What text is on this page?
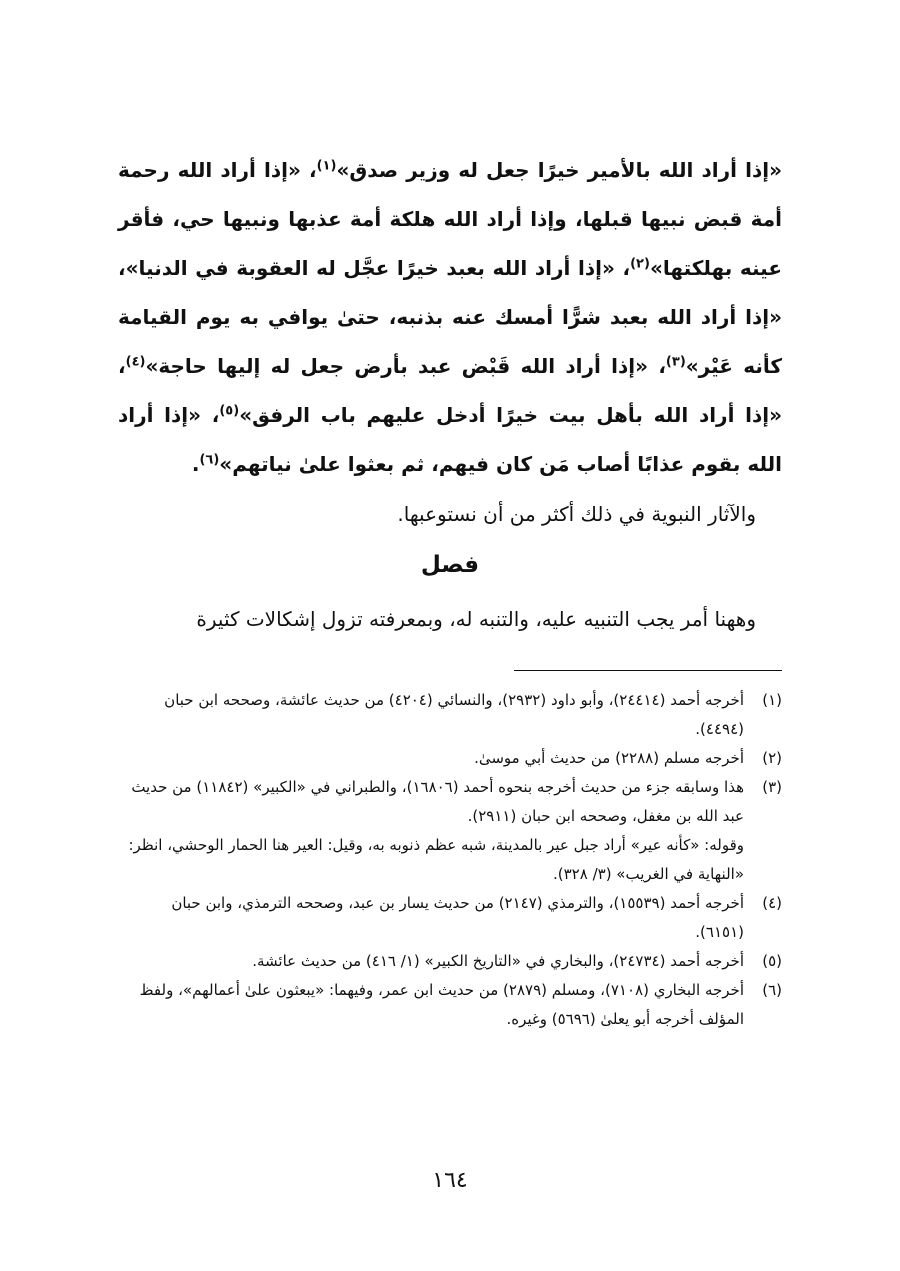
«إذا أراد الله بالأمير خيرًا جعل له وزير صدق»$^{(١)}$، «إذا أراد الله رحمة أمة قبض نبيها قبلها، وإذا أراد الله هلكة أمة عذبها ونبيها حي، فأقر عينه بهلكتها»$^{(٢)}$، «إذا أراد الله بعبد خيرًا عجَّل له العقوبة في الدنيا»، «إذا أراد الله بعبد شرًّا أمسك عنه بذنبه، حتىٰ يوافي به يوم القيامة كأنه عَيْر»$^{(٣)}$، «إذا أراد الله قَبْض عبد بأرض جعل له إليها حاجة»$^{(٤)}$، «إذا أراد الله بأهل بيت خيرًا أدخل عليهم باب الرفق»$^{(٥)}$، «إذا أراد الله بقوم عذابًا أصاب مَن كان فيهم، ثم بعثوا علىٰ نياتهم»$^{(٦)}$.

والآثار النبوية في ذلك أكثر من أن نستوعبها.

فصل

وههنا أمر يجب التنبيه عليه، والتنبه له، وبمعرفته تزول إشكالات كثيرة

(١)

أخرجه أحمد (٢٤٤١٤)، وأبو داود (٢٩٣٢)، والنسائي (٤٢٠٤) من حديث عائشة، وصححه ابن حبان (٤٤٩٤).

(٢)

أخرجه مسلم (٢٢٨٨) من حديث أبي موسىٰ.

(٣)

هذا وسابقه جزء من حديث أخرجه بنحوه أحمد (١٦٨٠٦)، والطبراني في «الكبير» (١١٨٤٢) من حديث عبد الله بن مغفل، وصححه ابن حبان (٢٩١١).

وقوله: «كأنه عير» أراد جبل عير بالمدينة، شبه عظم ذنوبه به، وقيل: العير هنا الحمار الوحشي، انظر: «النهاية في الغريب» (٣/ ٣٢٨).

(٤)

أخرجه أحمد (١٥٥٣٩)، والترمذي (٢١٤٧) من حديث يسار بن عبد، وصححه الترمذي، وابن حبان (٦١٥١).

(٥)

أخرجه أحمد (٢٤٧٣٤)، والبخاري في «التاريخ الكبير» (١/ ٤١٦) من حديث عائشة.

(٦)

أخرجه البخاري (٧١٠٨)، ومسلم (٢٨٧٩) من حديث ابن عمر، وفيهما: «يبعثون علىٰ أعمالهم»، ولفظ المؤلف أخرجه أبو يعلىٰ (٥٦٩٦) وغيره.

١٦٤
